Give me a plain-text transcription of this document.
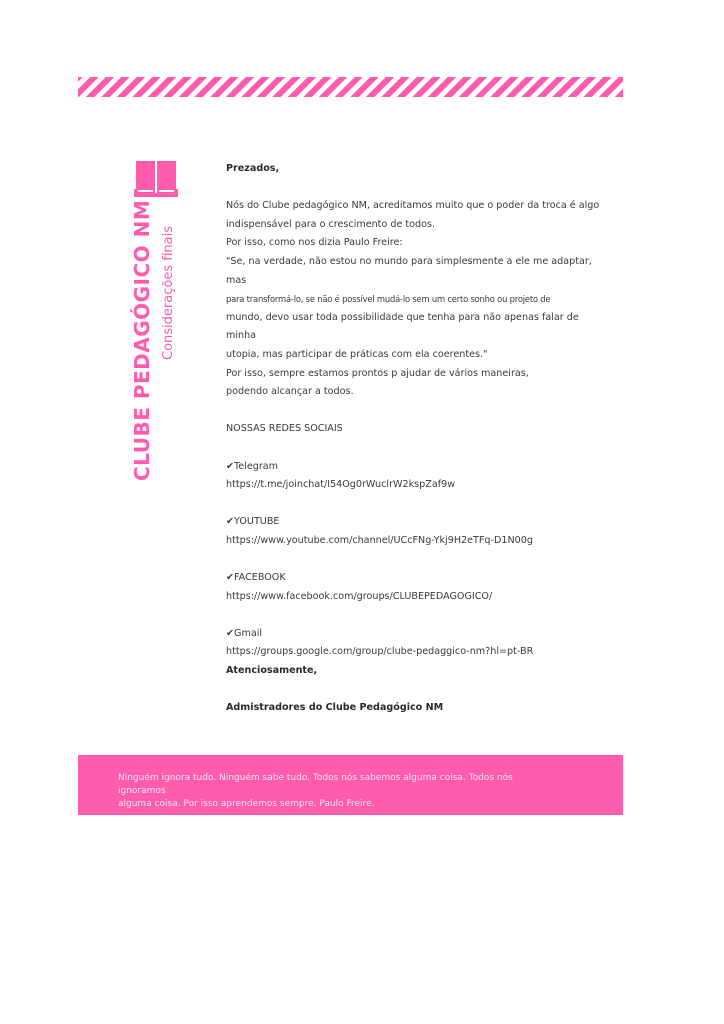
CLUBE PEDAGÓGICO NM Considerações finais

Prezados,

Nós do Clube pedagógico NM, acreditamos muito que o poder da troca é algo

indispensável para o crescimento de todos.

Por isso, como nos dizia Paulo Freire:

"Se, na verdade, não estou no mundo para simplesmente a ele me adaptar, mas

para transformá-lo, se não é possível mudá-lo sem um certo sonho ou projeto de

mundo, devo usar toda possibilidade que tenha para não apenas falar de minha

utopia, mas participar de práticas com ela coerentes."

Por isso, sempre estamos prontos p ajudar de vários maneiras,

podendo alcançar a todos.

NOSSAS REDES SOCIAIS

✔Telegram

https://t.me/joinchat/I54Og0rWuclrW2kspZaf9w

✔YOUTUBE

https://www.youtube.com/channel/UCcFNg-Ykj9H2eTFq-D1N00g

✔FACEBOOK

https://www.facebook.com/groups/CLUBEPEDAGOGICO/

✔Gmail

https://groups.google.com/group/clube-pedaggico-nm?hl=pt-BR

Atenciosamente,

Admistradores do Clube Pedagógico NM

Ninguém ignora tudo. Ninguém sabe tudo. Todos nós sabemos alguma coisa. Todos nós ignoramos
alguma coisa. Por isso aprendemos sempre. Paulo Freire.
